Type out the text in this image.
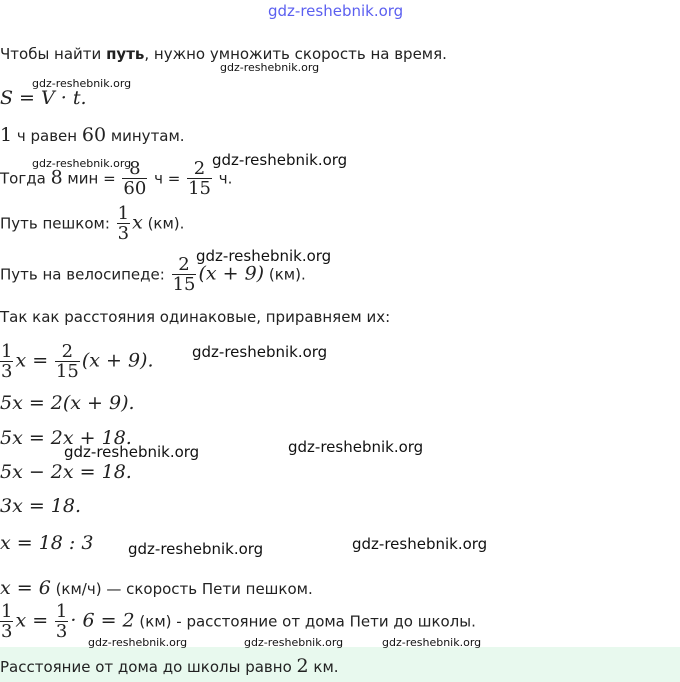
gdz-reshebnik.org
Чтобы найти путь, нужно умножить скорость на время.
gdz-reshebnik.org
gdz-reshebnik.org
S = V · t.
1 ч равен 60 минутам.
gdz-reshebnik.org	gdz-reshebnik.org
Тогда 8 мин = $\frac{8}{60}$ $ч = \frac{2}{15} ч$.
Путь пешком: $\frac{1}{3}$ x (км).
gdz-reshebnik.org
Путь на велосипеде: $\frac{2}{15} (x + 9)$ (км).
Так как расстояния одинаковые, приравняем их:
gdz-reshebnik.org
$\frac{1}{3}$ $x = \frac{2}{15} (x + 9)$.
5x = 2(x + 9).
5x = 2x + 18.
gdz-reshebnik.org	gdz-reshebnik.org
5x − 2x = 18.
3x = 18.
x = 18 : 3 gdz-reshebnik.org	gdz-reshebnik.org
x = 6 (км/ч) — скорость Пети пешком.
$\frac{1}{3}$ $x = \frac{1}{3} \cdot 6 = 2$ (км) - расстояние от дома Пети до школы.
gdz-reshebnik.org	gdz-reshebnik.org	gdz-reshebnik.org
Расстояние от дома до школы равно 2 км.
